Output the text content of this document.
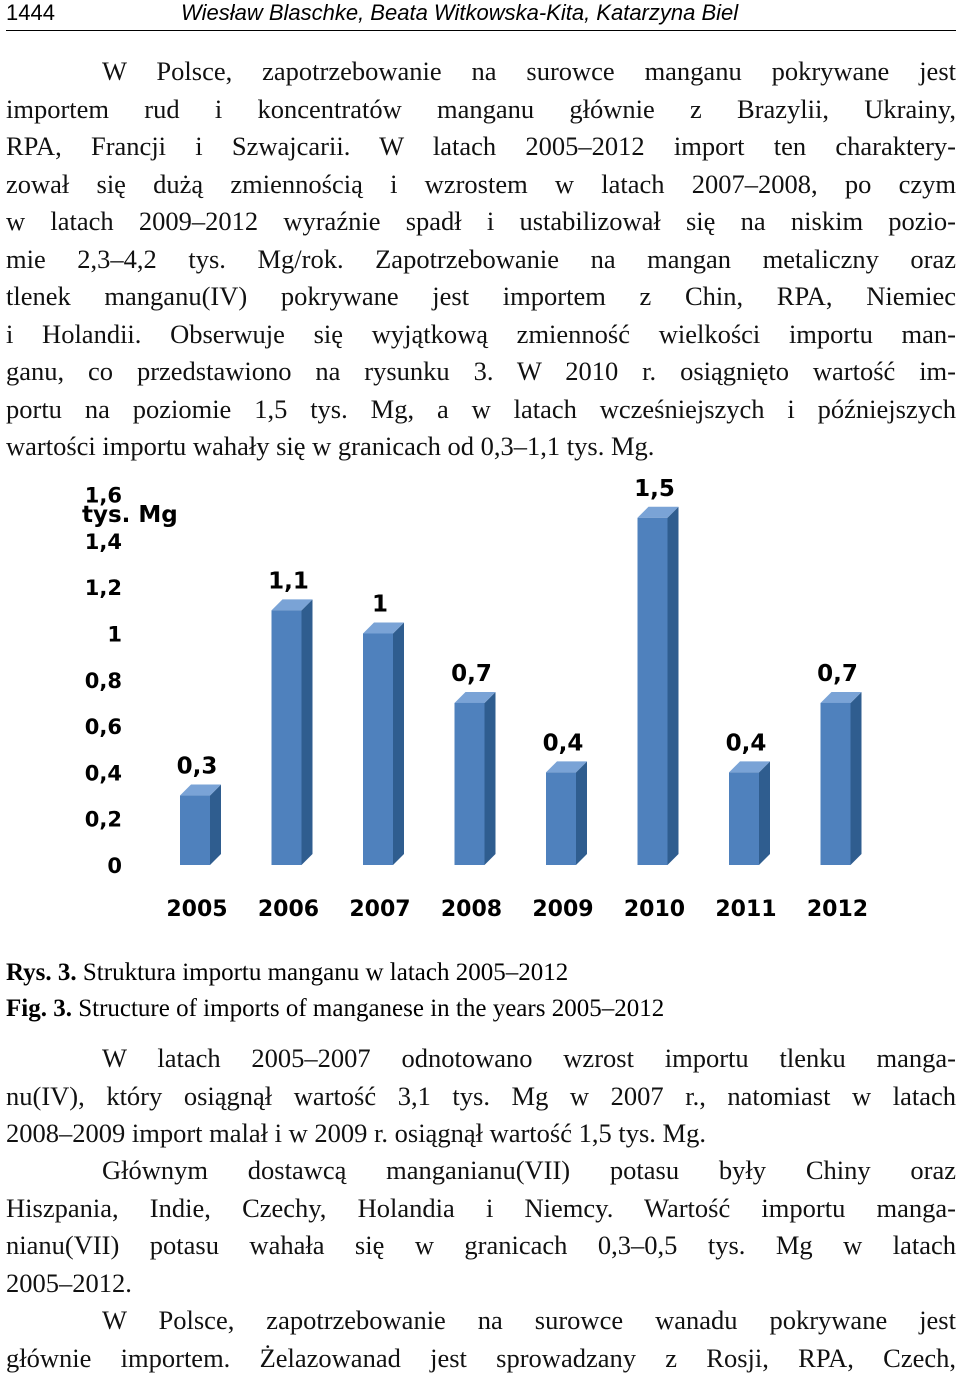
1444	Wiesław Blaschke, Beata Witkowska-Kita, Katarzyna Biel

W Polsce, zapotrzebowanie na surowce manganu pokrywane jest
importem rud i koncentratów manganu głównie z Brazylii, Ukrainy,
RPA, Francji i Szwajcarii. W latach 2005–2012 import ten charaktery-
zował się dużą zmiennością i wzrostem w latach 2007–2008, po czym
w latach 2009–2012 wyraźnie spadł i ustabilizował się na niskim pozio-
mie 2,3–4,2 tys. Mg/rok. Zapotrzebowanie na mangan metaliczny oraz
tlenek manganu(IV) pokrywane jest importem z Chin, RPA, Niemiec
i Holandii. Obserwuje się wyjątkową zmienność wielkości importu man-
ganu, co przedstawiono na rysunku 3. W 2010 r. osiągnięto wartość im-
portu na poziomie 1,5 tys. Mg, a w latach wcześniejszych i późniejszych
wartości importu wahały się w granicach od 0,3–1,1 tys. Mg.

tys. Mg
0
0,2
0,4
0,6
0,8
1
1,2
1,4
1,6
0,3
1,1
1
0,7
0,4
1,5
0,4
0,7
2005 2006 2007 2008 2009 2010 2011 2012

Rys. 3. Struktura importu manganu w latach 2005–2012
Fig. 3. Structure of imports of manganese in the years 2005–2012

W latach 2005–2007 odnotowano wzrost importu tlenku manga-
nu(IV), który osiągnął wartość 3,1 tys. Mg w 2007 r., natomiast w latach
2008–2009 import malał i w 2009 r. osiągnął wartość 1,5 tys. Mg.

Głównym dostawcą manganianu(VII) potasu były Chiny oraz
Hiszpania, Indie, Czechy, Holandia i Niemcy. Wartość importu manga-
nianu(VII) potasu wahała się w granicach 0,3–0,5 tys. Mg w latach
2005–2012.

W Polsce, zapotrzebowanie na surowce wanadu pokrywane jest
głównie importem. Żelazowanad jest sprowadzany z Rosji, RPA, Czech,
